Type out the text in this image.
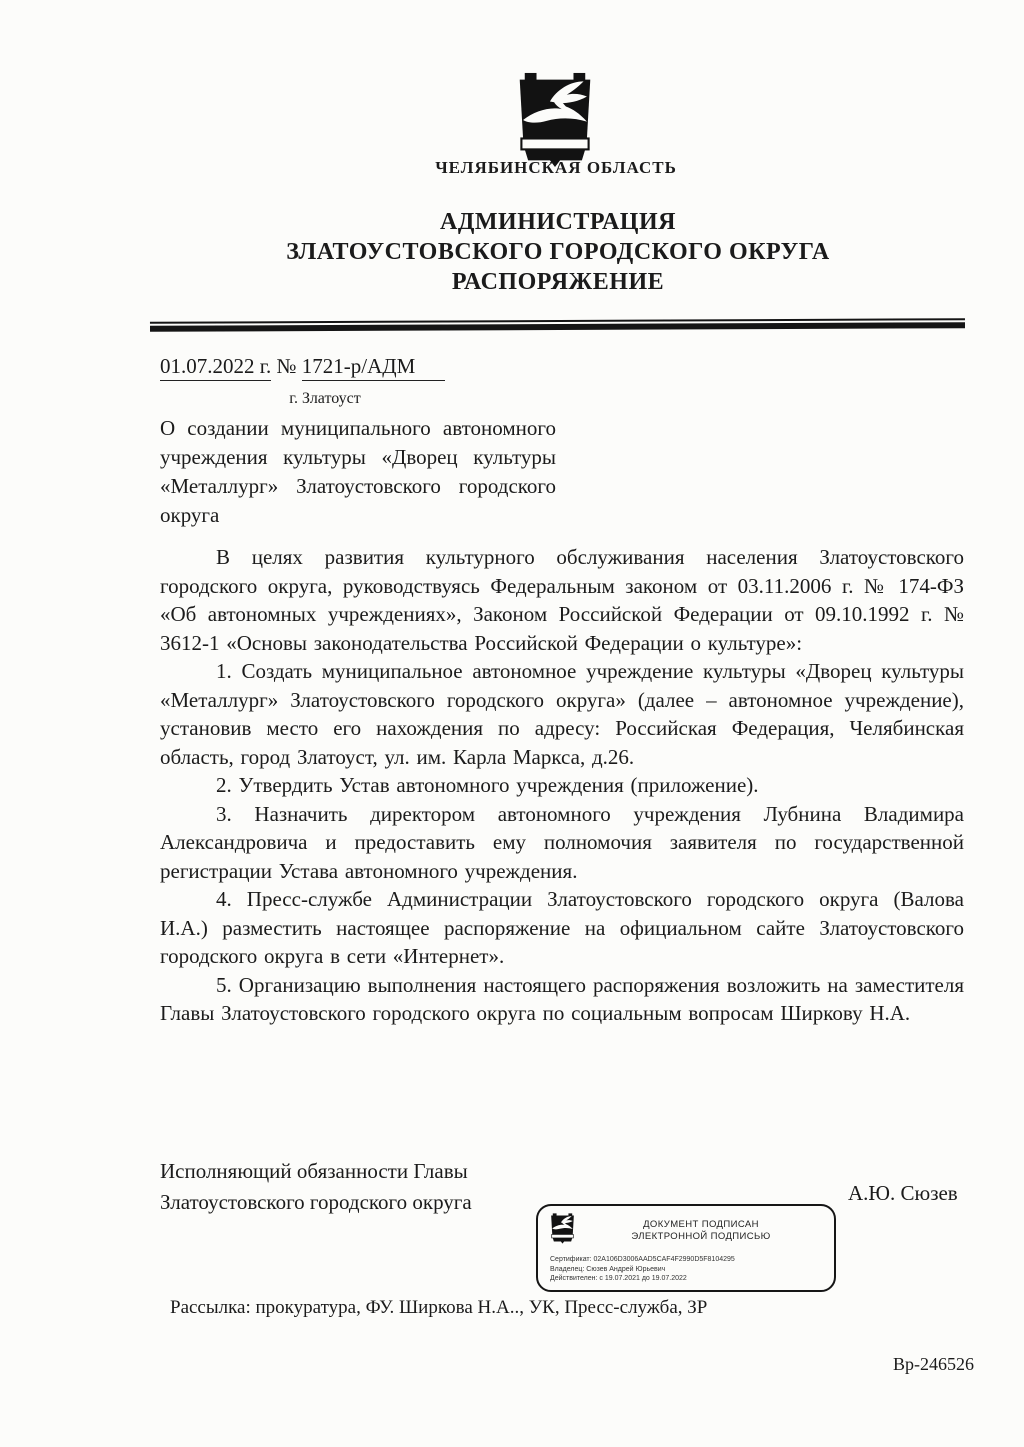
ЧЕЛЯБИНСКАЯ ОБЛАСТЬ
АДМИНИСТРАЦИЯ
ЗЛАТОУСТОВСКОГО ГОРОДСКОГО ОКРУГА
РАСПОРЯЖЕНИЕ
01.07.2022 г. № 1721-р/АДМ
г. Златоуст
О создании муниципального автономного учреждения культуры «Дворец культуры «Металлург» Златоустовского городского округа

В целях развития культурного обслуживания населения Златоустовского городского округа, руководствуясь Федеральным законом от 03.11.2006 г. № 174-ФЗ «Об автономных учреждениях», Законом Российской Федерации от 09.10.1992 г. № 3612-1 «Основы законодательства Российской Федерации о культуре»:

1. Создать муниципальное автономное учреждение культуры «Дворец культуры «Металлург» Златоустовского городского округа» (далее – автономное учреждение), установив место его нахождения по адресу: Российская Федерация, Челябинская область, город Златоуст, ул. им. Карла Маркса, д.26.

2. Утвердить Устав автономного учреждения (приложение).

3. Назначить директором автономного учреждения Лубнина Владимира Александровича и предоставить ему полномочия заявителя по государственной регистрации Устава автономного учреждения.

4. Пресс-службе Администрации Златоустовского городского округа (Валова И.А.) разместить настоящее распоряжение на официальном сайте Златоустовского городского округа в сети «Интернет».

5. Организацию выполнения настоящего распоряжения возложить на заместителя Главы Златоустовского городского округа по социальным вопросам Ширкову Н.А.

Исполняющий обязанности Главы
Златоустовского городского округа	А.Ю. Сюзев
ДОКУМЕНТ ПОДПИСАН
ЭЛЕКТРОННОЙ ПОДПИСЬЮ
Сертификат: 02A106D3006AAD5CAF4F2990D5F8104295
Владелец: Сюзев Андрей Юрьевич
Действителен: с 19.07.2021 до 19.07.2022
Рассылка: прокуратура, ФУ. Ширкова Н.А.., УК, Пресс-служба, ЗР
Вр-246526
